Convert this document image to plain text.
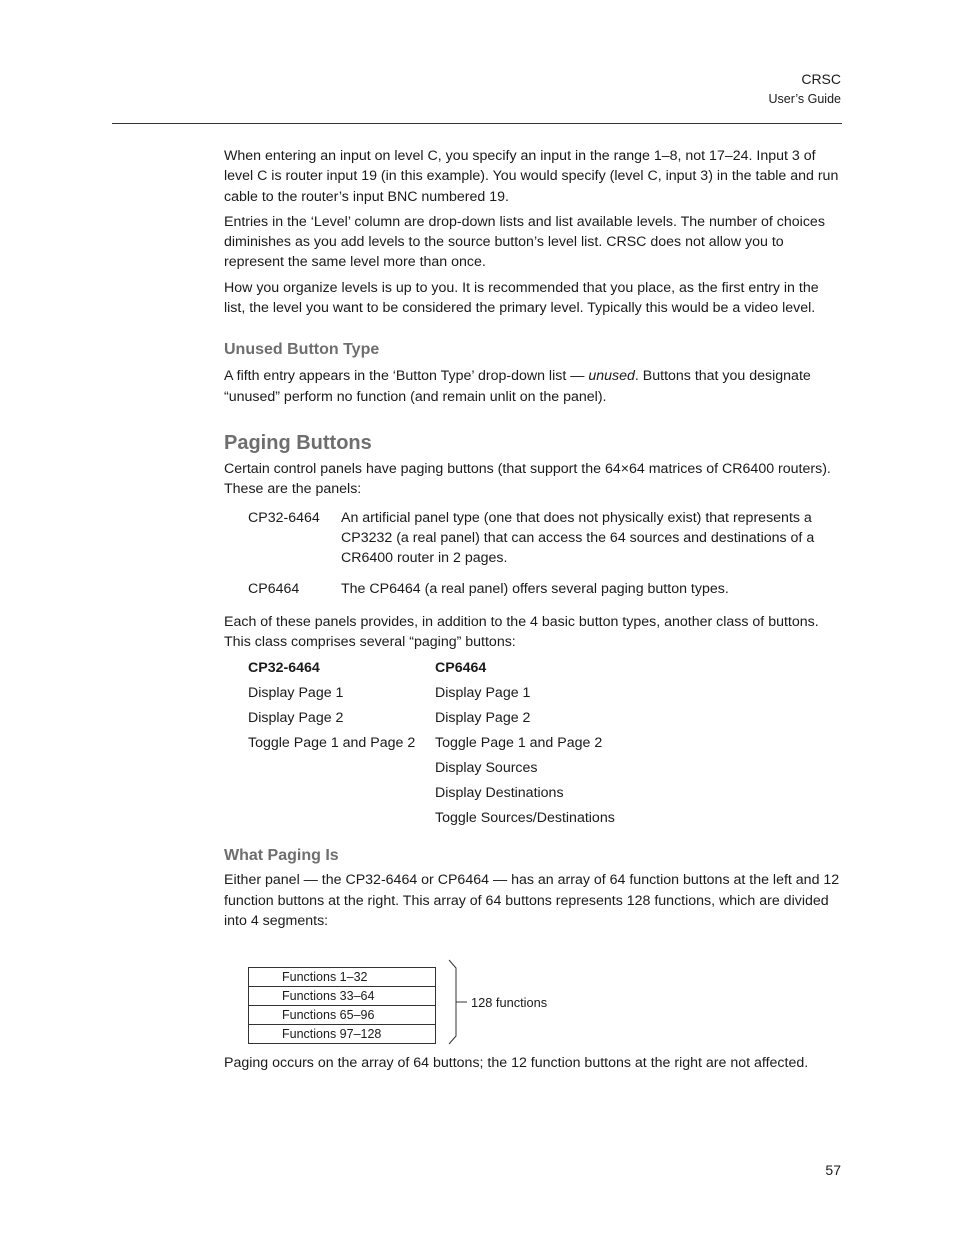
CRSC
User’s Guide

When entering an input on level C, you specify an input in the range 1–8, not 17–24. Input 3 of level C is router input 19 (in this example). You would specify (level C, input 3) in the table and run cable to the router’s input BNC numbered 19.

Entries in the ‘Level’ column are drop-down lists and list available levels. The number of choices diminishes as you add levels to the source button’s level list. CRSC does not allow you to represent the same level more than once.

How you organize levels is up to you. It is recommended that you place, as the first entry in the list, the level you want to be considered the primary level. Typically this would be a video level.

Unused Button Type

A fifth entry appears in the ‘Button Type’ drop-down list — unused. Buttons that you designate “unused” perform no function (and remain unlit on the panel).

Paging Buttons

Certain control panels have paging buttons (that support the 64×64 matrices of CR6400 routers). These are the panels:

CP32-6464	An artificial panel type (one that does not physically exist) that represents a CP3232 (a real panel) that can access the 64 sources and destinations of a CR6400 router in 2 pages.
CP6464	The CP6464 (a real panel) offers several paging button types.

Each of these panels provides, in addition to the 4 basic button types, another class of buttons. This class comprises several “paging” buttons:

CP32-6464
Display Page 1
Display Page 2
Toggle Page 1 and Page 2
CP6464
Display Page 1
Display Page 2
Toggle Page 1 and Page 2
Display Sources
Display Destinations
Toggle Sources/Destinations
What Paging Is

Either panel — the CP32-6464 or CP6464 — has an array of 64 function buttons at the left and 12 function buttons at the right. This array of 64 buttons represents 128 functions, which are divided into 4 segments:

Functions 1–32
Functions 33–64
Functions 65–96
Functions 97–128
128 functions

Paging occurs on the array of 64 buttons; the 12 function buttons at the right are not affected.

57
